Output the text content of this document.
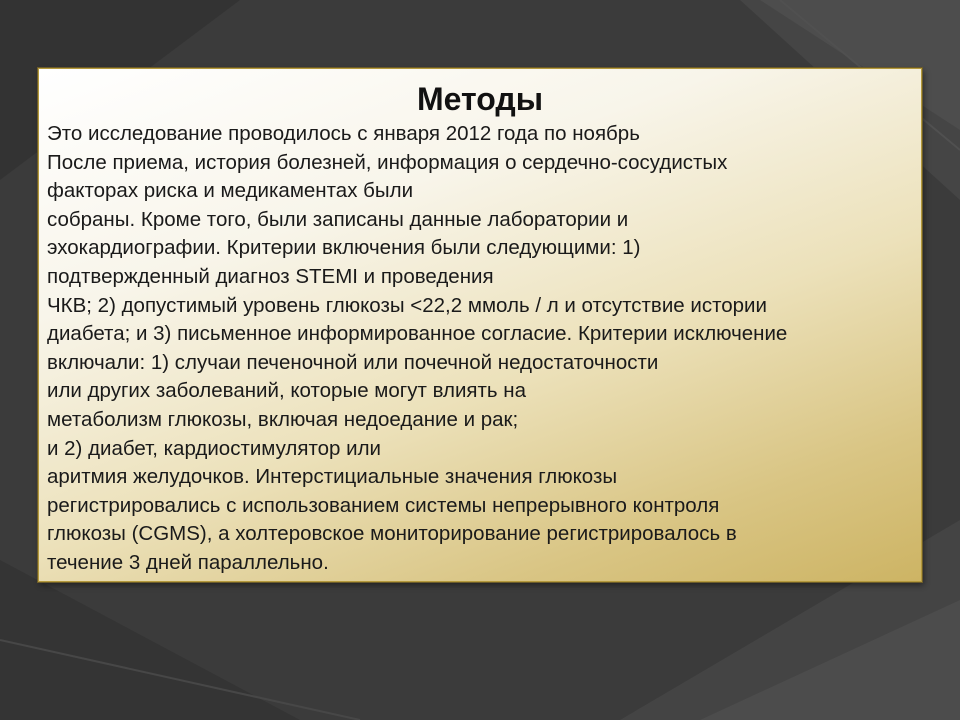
Методы
Это исследование проводилось с января 2012 года по ноябрь
После приема, история болезней, информация о сердечно-сосудистых
факторах риска и медикаментах были
собраны. Кроме того, были записаны данные лаборатории и
эхокардиографии. Критерии включения были следующими: 1)
подтвержденный диагноз STEMI и проведения
ЧКВ; 2) допустимый уровень глюкозы <22,2 ммоль / л и отсутствие истории
диабета; и 3) письменное информированное согласие. Критерии исключение
включали: 1) случаи печеночной или почечной недостаточности
или других заболеваний, которые могут влиять на
метаболизм глюкозы, включая недоедание и рак;
и 2) диабет, кардиостимулятор или
аритмия желудочков. Интерстициальные значения глюкозы
регистрировались с использованием системы непрерывного контроля
глюкозы (CGMS), а холтеровское мониторирование регистрировалось в
течение 3 дней параллельно.
